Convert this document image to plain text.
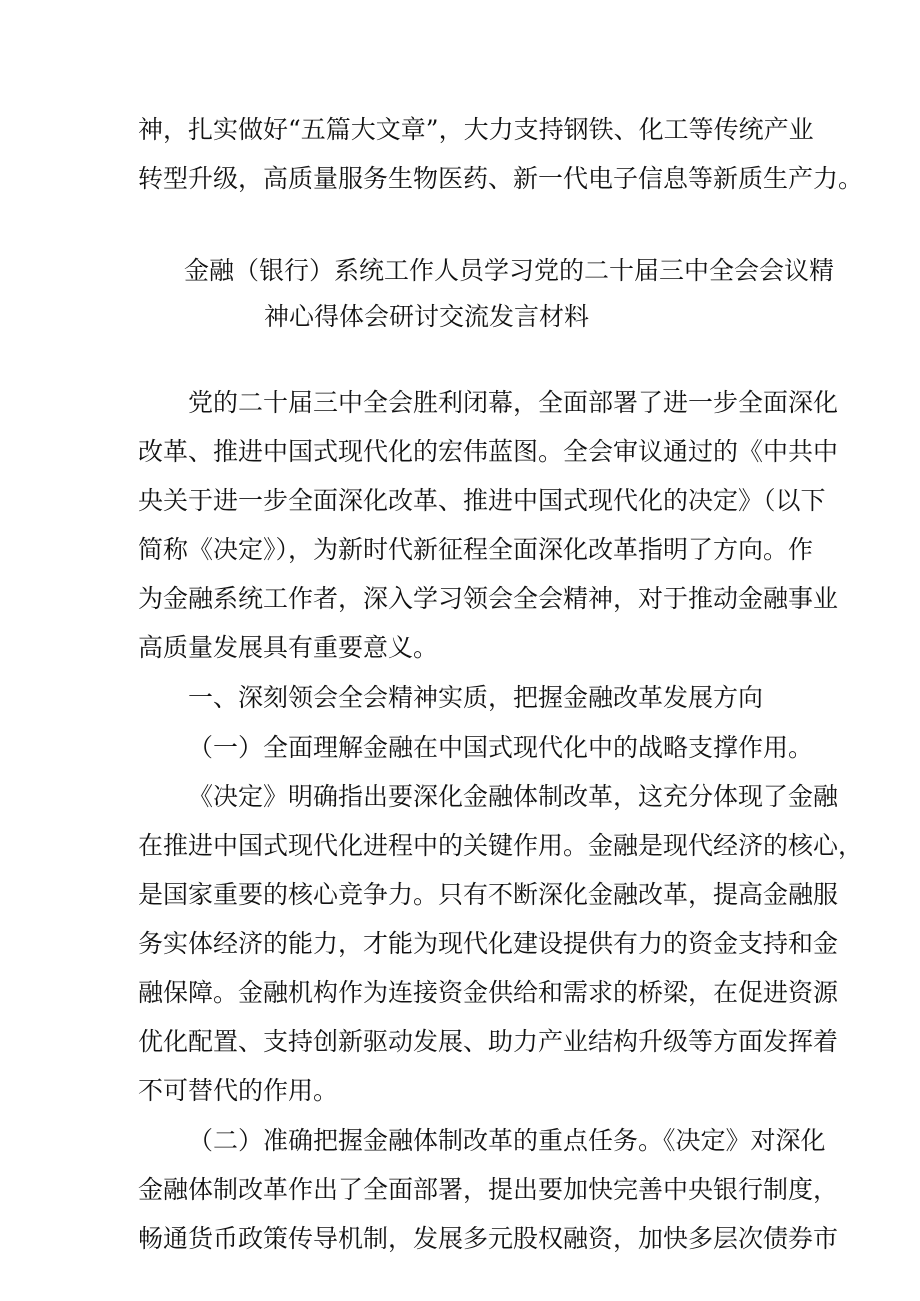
神，扎实做好“五篇大文章”，大力支持钢铁、化工等传统产业
转型升级，高质量服务生物医药、新一代电子信息等新质生产力。
金融（银行）系统工作人员学习党的二十届三中全会会议精
神心得体会研讨交流发言材料
党的二十届三中全会胜利闭幕，全面部署了进一步全面深化
改革、推进中国式现代化的宏伟蓝图。全会审议通过的《中共中
央关于进一步全面深化改革、推进中国式现代化的决定》（以下
简称《决定》），为新时代新征程全面深化改革指明了方向。作
为金融系统工作者，深入学习领会全会精神，对于推动金融事业
高质量发展具有重要意义。
一、深刻领会全会精神实质，把握金融改革发展方向
（一）全面理解金融在中国式现代化中的战略支撑作用。
《决定》明确指出要深化金融体制改革，这充分体现了金融
在推进中国式现代化进程中的关键作用。金融是现代经济的核心，
是国家重要的核心竞争力。只有不断深化金融改革，提高金融服
务实体经济的能力，才能为现代化建设提供有力的资金支持和金
融保障。金融机构作为连接资金供给和需求的桥梁，在促进资源
优化配置、支持创新驱动发展、助力产业结构升级等方面发挥着
不可替代的作用。
（二）准确把握金融体制改革的重点任务。《决定》对深化
金融体制改革作出了全面部署，提出要加快完善中央银行制度，
畅通货币政策传导机制，发展多元股权融资，加快多层次债券市
